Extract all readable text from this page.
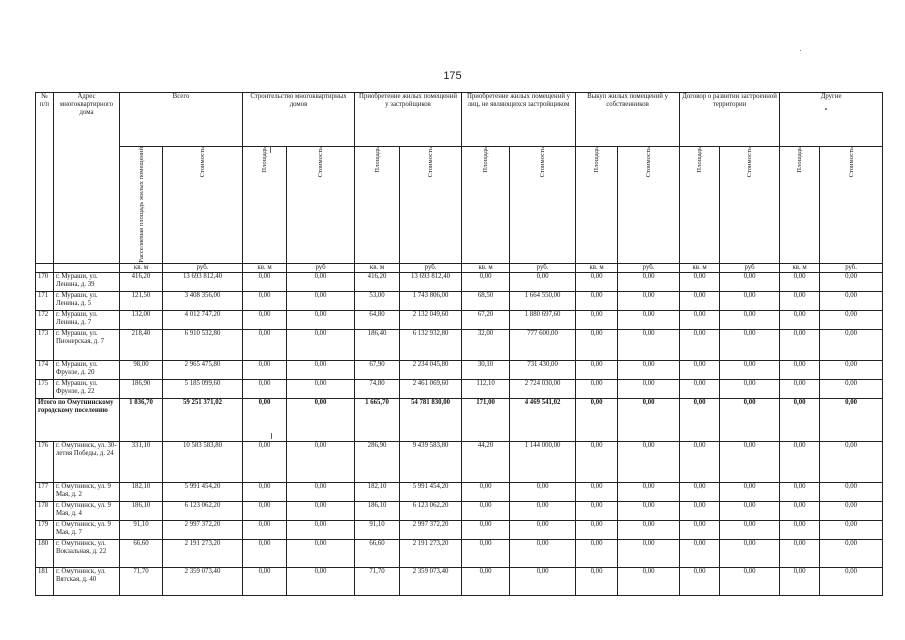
175
№ п/п	Адрес многоквартирного дома	Всего		Строительство многоквартирных домов		Приобретение жилых помещений у застройщиков		Приобретение жилых помещений у лиц, не являющихся застройщиком		Выкуп жилых помещений у собственников		Договор о развитии застроенной территории		Другие	

		Расселяемая площадь жилых помещений	Стоимость	Площадь	Стоимость	Площадь	Стоимость	Площадь	Стоимость	Площадь	Стоимость	Площадь	Стоимость	Площадь	Стоимость

		кв. м	руб.	кв. м	руб	кв. м	руб.	кв. м	руб.	кв. м	руб.	кв. м	руб	кв. м	руб.
170	г. Мураши, ул. Ленина, д. 39	416,20	13 693 812,40	0,00	0,00	416,20	13 693 812,40	0,00	0,00	0,00	0,00	0,00	0,00	0,00	0,00
171	г. Мураши, ул. Ленина, д. 5	121,50	3 408 356,00	0,00	0,00	53,00	1 743 806,00	68,50	1 664 550,00	0,00	0,00	0,00	0,00	0,00	0,00
172	г. Мураши, ул. Ленина, д. 7	132,00	4 012 747,20	0,00	0,00	64,80	2 132 049,60	67,20	1 880 697,60	0,00	0,00	0,00	0,00	0,00	0,00
173	г. Мураши, ул. Пионерская, д. 7	218,40	6 910 532,80	0,00	0,00	186,40	6 132 932,80	32,00	777 600,00	0,00	0,00	0,00	0,00	0,00	0,00
174	г. Мураши, ул. Фрунзе, д. 20	98,00	2 965 475,80	0,00	0,00	67,90	2 234 045,80	30,10	731 430,00	0,00	0,00	0,00	0,00	0,00	0,00
175	г. Мураши, ул. Фрунзе, д. 22	186,90	5 185 099,60	0,00	0,00	74,80	2 461 069,60	112,10	2 724 030,00	0,00	0,00	0,00	0,00	0,00	0,00
Итого по Омутнинскому городскому поселению		1 836,70	59 251 371,02	0,00	0,00	1 665,70	54 781 830,00	171,00	4 469 541,02	0,00	0,00	0,00	0,00	0,00	0,00
176	г. Омутнинск, ул. 30-летия Победы, д. 24	331,10	10 583 583,80	0,00	0,00	286,90	9 439 583,80	44,20	1 144 000,00	0,00	0,00	0,00	0,00	0,00	0,00
177	г. Омутнинск, ул. 9 Мая, д. 2	182,10	5 991 454,20	0,00	0,00	182,10	5 991 454,20	0,00	0,00	0,00	0,00	0,00	0,00	0,00	0,00
178	г. Омутнинск, ул. 9 Мая, д. 4	186,10	6 123 062,20	0,00	0,00	186,10	6 123 062,20	0,00	0,00	0,00	0,00	0,00	0,00	0,00	0,00
179	г. Омутнинск, ул. 9 Мая, д. 7	91,10	2 997 372,20	0,00	0,00	91,10	2 997 372,20	0,00	0,00	0,00	0,00	0,00	0,00	0,00	0,00
180	г. Омутнинск, ул. Вокзальная, д. 22	66,60	2 191 273,20	0,00	0,00	66,60	2 191 273,20	0,00	0,00	0,00	0,00	0,00	0,00	0,00	0,00
181	г. Омутнинск, ул. Вятская, д. 40	71,70	2 359 073,40	0,00	0,00	71,70	2 359 073,40	0,00	0,00	0,00	0,00	0,00	0,00	0,00	0,00
